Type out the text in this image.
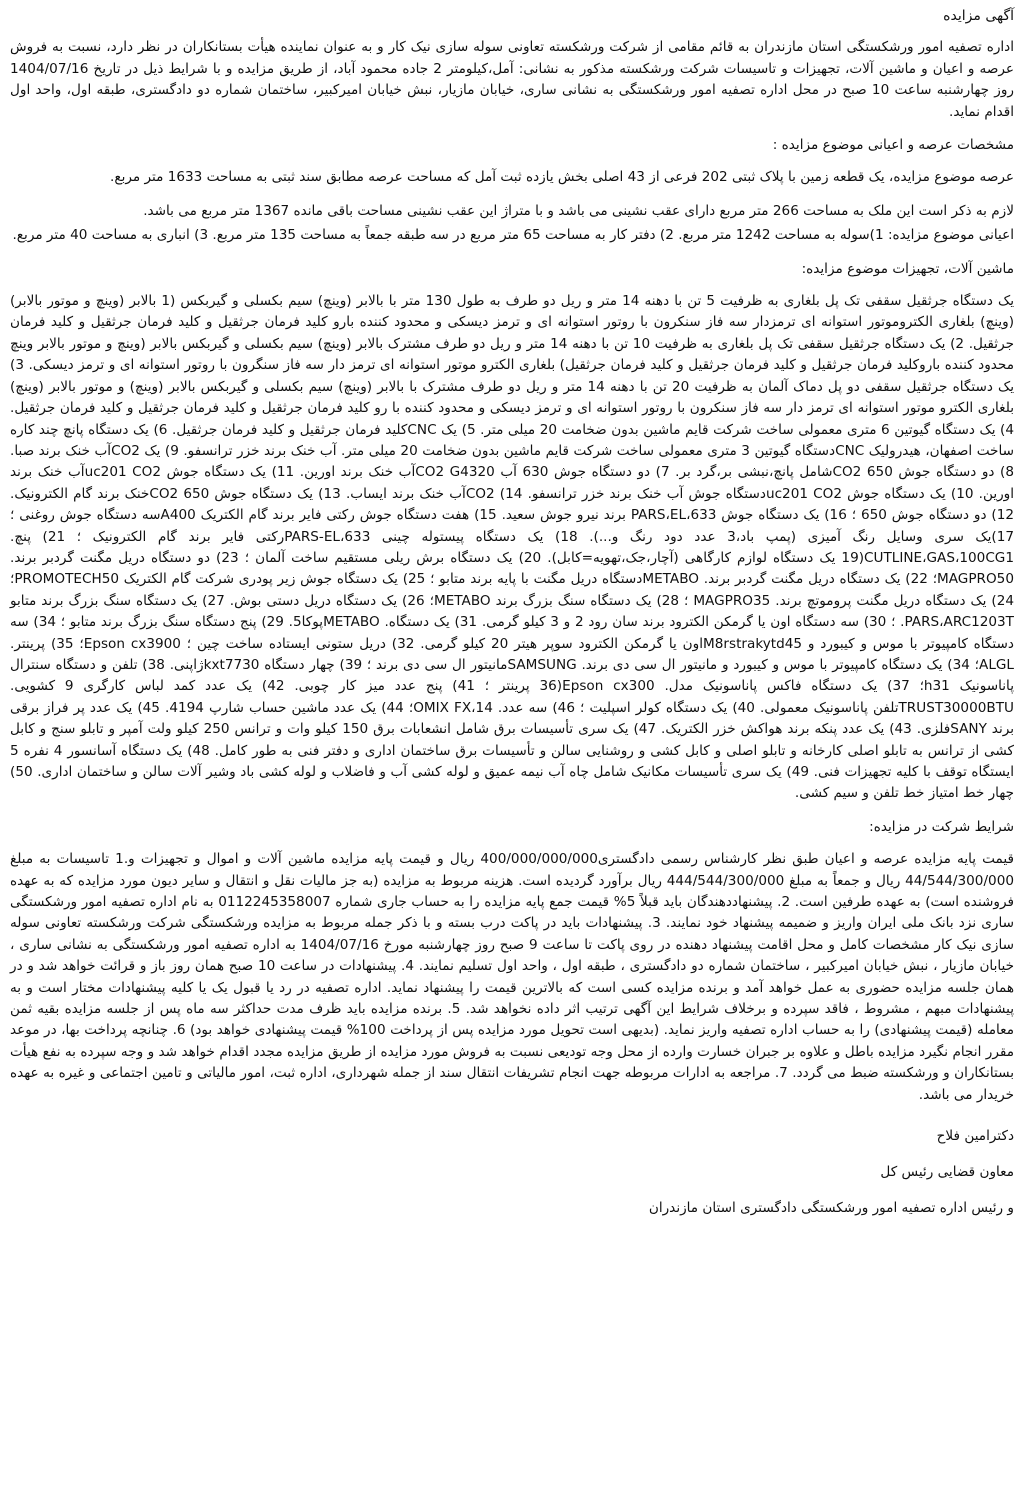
آگهی مزایده

اداره تصفیه امور ورشکستگی استان مازندران به قائم مقامی از شرکت ورشکسته تعاونی سوله سازی نیک کار و به عنوان نماینده هیأت بستانکاران در نظر دارد، نسبت به فروش عرصه و اعیان و ماشین آلات، تجهیزات و تاسیسات شرکت ورشکسته مذکور به نشانی: آمل،کیلومتر 2 جاده محمود آباد، از طریق مزایده و با شرایط ذیل در تاریخ 1404/07/16 روز چهارشنبه ساعت 10 صبح در محل اداره تصفیه امور ورشکستگی به نشانی ساری، خیابان مازیار، نبش خیابان امیرکبیر، ساختمان شماره دو دادگستری، طبقه اول، واحد اول اقدام نماید.

مشخصات عرصه و اعیانی موضوع مزایده :

عرصه موضوع مزایده، یک قطعه زمین با پلاک ثبتی 202 فرعی از 43 اصلی بخش یازده ثبت آمل که مساحت عرصه مطابق سند ثبتی به مساحت 1633 متر مربع.

لازم به ذکر است این ملک به مساحت 266 متر مربع دارای عقب نشینی می باشد و با متراژ این عقب نشینی مساحت باقی مانده 1367 متر مربع می باشد.

اعیانی موضوع مزایده: 1)سوله به مساحت 1242 متر مربع. 2) دفتر کار به مساحت 65 متر مربع در سه طبقه جمعاً به مساحت 135 متر مربع. 3) انباری به مساحت 40 متر مربع.

ماشین آلات، تجهیزات موضوع مزایده:

یک دستگاه جرثقیل سقفی تک پل بلغاری به ظرفیت 5 تن با دهنه 14 متر و ریل دو طرف به طول 130 متر با بالابر (وینچ) سیم بکسلی و گیربکس (1 بالابر (وینچ و موتور بالابر) (وینچ) بلغاری الکتروموتور استوانه ای ترمزدار سه فاز سنکرون با روتور استوانه ای و ترمز دیسکی و محدود کننده بارو کلید فرمان جرثقیل و کلید فرمان جرثقیل و کلید فرمان جرثقیل. 2) یک دستگاه جرثقیل سقفی تک پل بلغاری به ظرفیت 10 تن با دهنه 14 متر و ریل دو طرف مشترک بالابر (وینچ) سیم بکسلی و گیربکس بالابر (وینچ و موتور بالابر وینچ محدود کننده باروکلید فرمان جرثقیل و کلید فرمان جرثقیل و کلید فرمان جرثقیل) بلغاری الکترو موتور استوانه ای ترمز دار سه فاز سنگرون با روتور استوانه ای و ترمز دیسکی. 3) یک دستگاه جرثقیل سقفی دو پل دماک آلمان به ظرفیت 20 تن با دهنه 14 متر و ریل دو طرف مشترک با بالابر (وینچ) سیم بکسلی و گیربکس بالابر (وینچ) و موتور بالابر (وینچ) بلغاری الکترو موتور استوانه ای ترمز دار سه فاز سنکرون با روتور استوانه ای و ترمز دیسکی و محدود کننده با رو کلید فرمان جرثقیل و کلید فرمان جرثقیل و کلید فرمان جرثقیل. 4) یک دستگاه گیوتین 6 متری معمولی ساخت شرکت قایم ماشین بدون ضخامت 20 میلی متر. 5) یک CNCکلید فرمان جرثقیل و کلید فرمان جرثقیل. 6) یک دستگاه پانچ چند کاره ساخت اصفهان، هیدرولیک CNCدستگاه گیوتین 3 متری معمولی ساخت شرکت قایم ماشین بدون ضخامت 20 میلی متر. آب خنک برند خزر ترانسفو. 9) یک CO2آب خنک برند صبا. 8) دو دستگاه جوش 650 CO2شامل پانچ،نبشی بر،گرد بر. 7) دو دستگاه جوش 630 آب CO2 G4320آب خنک برند اورین. 11) یک دستگاه جوش uc201 CO2آب خنک برند اورین. 10) یک دستگاه جوش uc201 CO2دستگاه جوش آب خنک برند خزر ترانسفو. 14) CO2آب خنک برند ایساب. 13) یک دستگاه جوش 650 CO2خنک برند گام الکترونیک. 12) دو دستگاه جوش 650 ؛ 16) یک دستگاه جوش 633،PARS،EL برند نیرو جوش سعید. 15) هفت دستگاه جوش رکتی فایر برند گام الکتریک A400سه دستگاه جوش روغنی ؛ 17)یک سری وسایل رنگ آمیزی (پمپ باد،3 عدد دود رنگ و...). 18) یک دستگاه پیستوله چینی 633،PARS-ELرکتی فایر برند گام الکترونیک ؛ 21) پنچ. CUTLINE،GAS،100CG1(19 یک دستگاه لوازم کارگاهی (آچار،جک،تهویه=کابل). 20) یک دستگاه برش ریلی مستقیم ساخت آلمان ؛ 23) دو دستگاه دریل مگنت گردبر برند. MAGPRO50؛ 22) یک دستگاه دریل مگنت گردبر برند. METABOدستگاه دریل مگنت با پایه برند متابو ؛ 25) یک دستگاه جوش زیر پودری شرکت گام الکتریک PROMOTECH50؛ 24) یک دستگاه دریل مگنت پروموتچ برند. MAGPRO35 ؛ 28) یک دستگاه سنگ بزرگ برند METABO؛ 26) یک دستگاه دریل دستی بوش. 27) یک دستگاه سنگ بزرگ برند متابو PARS،ARC1203T. ؛ 30) سه دستگاه اون یا گرمکن الکترود برند سان رود 2 و 3 کیلو گرمی. 31) یک دستگاه. METABOپوکا5. 29) پنج دستگاه سنگ بزرگ برند متابو ؛ 34) سه دستگاه کامپیوتر با موس و کیبورد و M8rstrakytd45اون یا گرمکن الکترود سوپر هیتر 20 کیلو گرمی. 32) دریل ستونی ایستاده ساخت چین ؛ Epson cx3900؛ 35) پرینتر. ALGL؛ 34) یک دستگاه کامپیوتر با موس و کیبورد و مانیتور ال سی دی برند. SAMSUNGمانیتور ال سی دی برند ؛ 39) چهار دستگاه kxt7730ژاپنی. 38) تلفن و دستگاه سنترال پاناسونیک h31؛ 37) یک دستگاه فاکس پاناسونیک مدل. Epson cx300(36 پرینتر ؛ 41) پنج عدد میز کار چوبی. 42) یک عدد کمد لباس کارگری 9 کشویی. TRUST30000BTUتلفن پاناسونیک معمولی. 40) یک دستگاه کولر اسپلیت ؛ 46) سه عدد. OMIX FX،14؛ 44) یک عدد ماشین حساب شارپ 4194. 45) یک عدد پر فراز برقی برند SANYفلزی. 43) یک عدد پنکه برند هواکش خزر الکتریک. 47) یک سری تأسیسات برق شامل انشعابات برق 150 کیلو وات و ترانس 250 کیلو ولت آمپر و تابلو سنج و کابل کشی از ترانس به تابلو اصلی کارخانه و تابلو اصلی و کابل کشی و روشنایی سالن و تأسیسات برق ساختمان اداری و دفتر فنی به طور کامل. 48) یک دستگاه آسانسور 4 نفره 5 ایستگاه توقف با کلیه تجهیزات فنی. 49) یک سری تأسیسات مکانیک شامل چاه آب نیمه عمیق و لوله کشی آب و فاضلاب و لوله کشی باد وشیر آلات سالن و ساختمان اداری. 50) چهار خط امتیاز خط تلفن و سیم کشی.

شرایط شرکت در مزایده:

قیمت پایه مزایده عرصه و اعیان طبق نظر کارشناس رسمی دادگستری400/000/000/000 ریال و قیمت پایه مزایده ماشین آلات و اموال و تجهیزات و.1 تاسیسات به مبلغ 44/544/300/000 ریال و جمعاً به مبلغ 444/544/300/000 ریال برآورد گردیده است. هزینه مربوط به مزایده (به جز مالیات نقل و انتقال و سایر دیون مورد مزایده که به عهده فروشنده است) به عهده طرفین است. 2. پیشنهاددهندگان باید قبلاً 5% قیمت جمع پایه مزایده را به حساب جاری شماره 0112245358007 به نام اداره تصفیه امور ورشکستگی ساری نزد بانک ملی ایران واریز و ضمیمه پیشنهاد خود نمایند. 3. پیشنهادات باید در پاکت درب بسته و با ذکر جمله مربوط به مزایده ورشکستگی شرکت ورشکسته تعاونی سوله سازی نیک کار مشخصات کامل و محل اقامت پیشنهاد دهنده در روی پاکت تا ساعت 9 صبح روز چهارشنبه مورخ 1404/07/16 به اداره تصفیه امور ورشکستگی به نشانی ساری ، خیابان مازیار ، نبش خیابان امیرکبیر ، ساختمان شماره دو دادگستری ، طبقه اول ، واحد اول تسلیم نمایند. 4. پیشنهادات در ساعت 10 صبح همان روز باز و قرائت خواهد شد و در همان جلسه مزایده حضوری به عمل خواهد آمد و برنده مزایده کسی است که بالاترین قیمت را پیشنهاد نماید. اداره تصفیه در رد یا قبول یک یا کلیه پیشنهادات مختار است و به پیشنهادات مبهم ، مشروط ، فاقد سپرده و برخلاف شرایط این آگهی ترتیب اثر داده نخواهد شد. 5. برنده مزایده باید ظرف مدت حداکثر سه ماه پس از جلسه مزایده بقیه ثمن معامله (قیمت پیشنهادی) را به حساب اداره تصفیه واریز نماید. (بدیهی است تحویل مورد مزایده پس از پرداخت 100% قیمت پیشنهادی خواهد بود) 6. چنانچه پرداخت بها، در موعد مقرر انجام نگیرد مزایده باطل و علاوه بر جبران خسارت وارده از محل وجه تودیعی نسبت به فروش مورد مزایده از طریق مزایده مجدد اقدام خواهد شد و وجه سپرده به نفع هیأت بستانکاران و ورشکسته ضبط می گردد. 7. مراجعه به ادارات مربوطه جهت انجام تشریفات انتقال سند از جمله شهرداری، اداره ثبت، امور مالیاتی و تامین اجتماعی و غیره به عهده خریدار می باشد.

دکترامین فلاح
معاون قضایی رئیس کل
و رئیس اداره تصفیه امور ورشکستگی دادگستری استان مازندران
